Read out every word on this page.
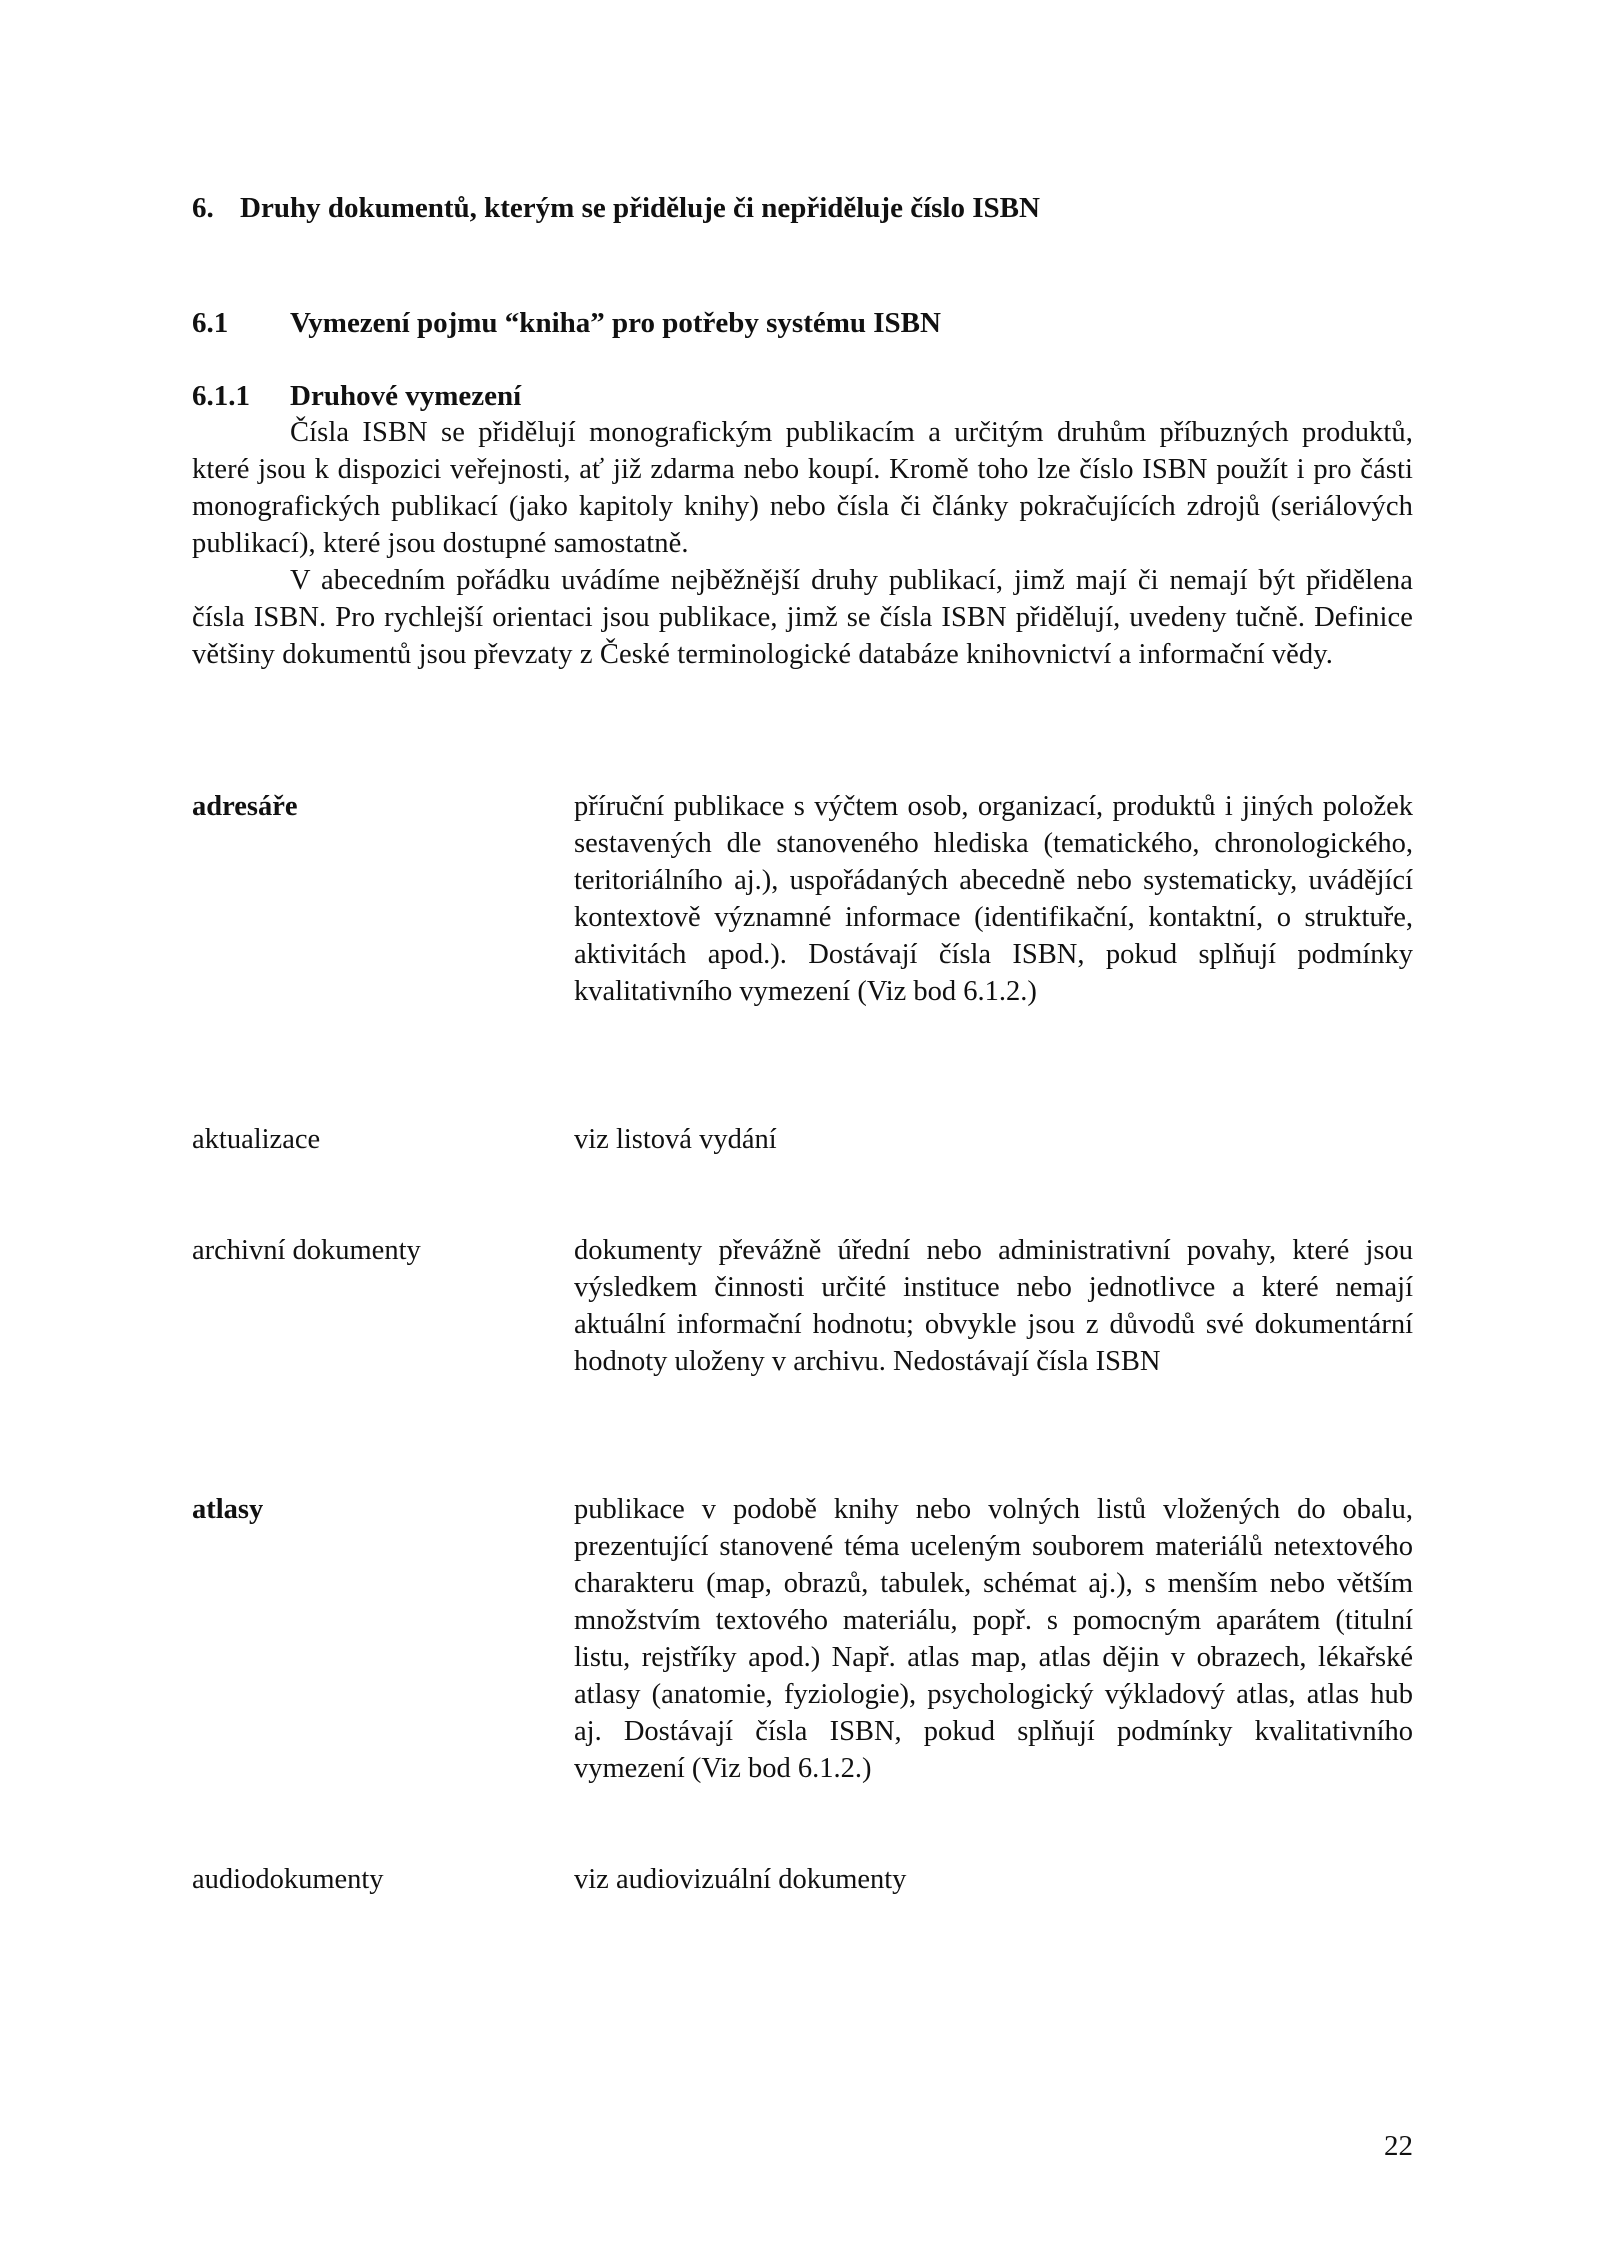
6. Druhy dokumentů, kterým se přiděluje či nepřiděluje číslo ISBN
6.1 Vymezení pojmu “kniha” pro potřeby systému ISBN
6.1.1 Druhové vymezení

Čísla ISBN se přidělují monografickým publikacím a určitým druhům příbuzných produktů, které jsou k dispozici veřejnosti, ať již zdarma nebo koupí. Kromě toho lze číslo ISBN použít i pro části monografických publikací (jako kapitoly knihy) nebo čísla či články pokračujících zdrojů (seriálových publikací), které jsou dostupné samostatně.

V abecedním pořádku uvádíme nejběžnější druhy publikací, jimž mají či nemají být přidělena čísla ISBN. Pro rychlejší orientaci jsou publikace, jimž se čísla ISBN přidělují, uvedeny tučně. Definice většiny dokumentů jsou převzaty z České terminologické databáze knihovnictví a informační vědy.

adresáře	příruční publikace s výčtem osob, organizací, produktů i jiných položek sestavených dle stanoveného hlediska (tematického, chronologického, teritoriálního aj.), uspořádaných abecedně nebo systematicky, uvádějící kontextově významné informace (identifikační, kontaktní, o struktuře, aktivitách apod.). Dostávají čísla ISBN, pokud splňují podmínky kvalitativního vymezení (Viz bod 6.1.2.)
aktualizace	viz listová vydání
archivní dokumenty	dokumenty převážně úřední nebo administrativní povahy, které jsou výsledkem činnosti určité instituce nebo jednotlivce a které nemají aktuální informační hodnotu; obvykle jsou z důvodů své dokumentární hodnoty uloženy v archivu. Nedostávají čísla ISBN
atlasy	publikace v podobě knihy nebo volných listů vložených do obalu, prezentující stanovené téma uceleným souborem materiálů netextového charakteru (map, obrazů, tabulek, schémat aj.), s menším nebo větším množstvím textového materiálu, popř. s pomocným aparátem (titulní listu, rejstříky apod.) Např. atlas map, atlas dějin v obrazech, lékařské atlasy (anatomie, fyziologie), psychologický výkladový atlas, atlas hub aj. Dostávají čísla ISBN, pokud splňují podmínky kvalitativního vymezení (Viz bod 6.1.2.)
audiodokumenty	viz audiovizuální dokumenty
22
